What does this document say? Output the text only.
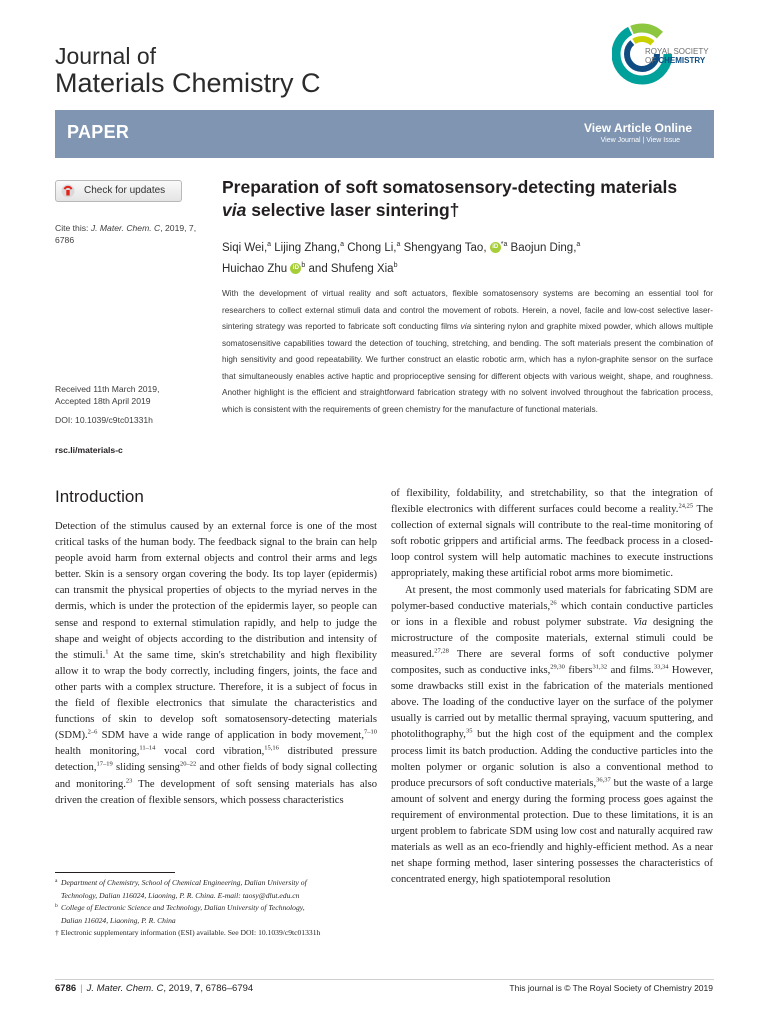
Journal of
Materials Chemistry C
ROYAL SOCIETY
OF CHEMISTRY
PAPER	View Article Online
View Journal | View Issue
Check for updates
Cite this: J. Mater. Chem. C, 2019, 7, 6786
Received 11th March 2019,
Accepted 18th April 2019
DOI: 10.1039/c9tc01331h
rsc.li/materials-c
Preparation of soft somatosensory-detecting materials via selective laser sintering†
Siqi Wei,$^a$ Lijing Zhang,$^a$ Chong Li,$^a$ Shengyang Tao, iD $^{*a}$ Baojun Ding,$^a$
Huichao Zhu iD $^b$ and Shufeng Xia$^b$
With the development of virtual reality and soft actuators, flexible somatosensory systems are becoming an essential tool for researchers to collect external stimuli data and control the movement of robots. Herein, a novel, facile and low-cost selective laser-sintering strategy was reported to fabricate soft conducting films via sintering nylon and graphite mixed powder, which allows multiple somatosensitive capabilities toward the detection of touching, stretching, and bending. The soft materials present the combination of high sensitivity and good repeatability. We further construct an elastic robotic arm, which has a nylon-graphite sensor on the surface that simultaneously enables active haptic and proprioceptive sensing for different objects with various weight, shape, and roughness. Another highlight is the efficient and straightforward fabrication strategy with no solvent involved throughout the fabrication process, which is consistent with the requirements of green chemistry for the manufacture of functional materials.
Introduction

Detection of the stimulus caused by an external force is one of the most critical tasks of the human body. The feedback signal to the brain can help people avoid harm from external objects and control their arms and legs better. Skin is a sensory organ covering the body. Its top layer (epidermis) can transmit the physical properties of objects to the myriad nerves in the dermis, which is under the protection of the epidermis layer, so people can sense and respond to external stimulation rapidly, and help to judge the shape and weight of objects according to the distribution and intensity of the stimuli.$^1$ At the same time, skin's stretchability and high flexibility allow it to wrap the body correctly, including fingers, joints, the face and other parts with a complex structure. Therefore, it is a subject of focus in the field of flexible electronics that simulate the characteristics and functions of skin to develop soft somatosensory-detecting materials (SDM).$^{2-6}$ SDM have a wide range of application in body movement,$^{7-10}$ health monitoring,$^{11-14}$ vocal cord vibration,$^{15,16}$ distributed pressure detection,$^{17-19}$ sliding sensing$^{20-22}$ and other fields of body signal collecting and monitoring.$^{23}$ The development of soft sensing materials has also driven the creation of flexible sensors, which possess characteristics

of flexibility, foldability, and stretchability, so that the integration of flexible electronics with different surfaces could become a reality.$^{24,25}$ The collection of external signals will contribute to the real-time monitoring of soft robotic grippers and artificial arms. The feedback process in a closed-loop control system will help automatic machines to execute instructions appropriately, making these artificial robot arms more biomimetic.

At present, the most commonly used materials for fabricating SDM are polymer-based conductive materials,$^{26}$ which contain conductive particles or ions in a flexible and robust polymer substrate. Via designing the microstructure of the composite materials, external stimuli could be measured.$^{27,28}$ There are several forms of soft conductive polymer composites, such as conductive inks,$^{29,30}$ fibers$^{31,32}$ and films.$^{33,34}$ However, some drawbacks still exist in the fabrication of the materials mentioned above. The loading of the conductive layer on the surface of the polymer usually is carried out by metallic thermal spraying, vacuum sputtering, and photolithography,$^{35}$ but the high cost of the equipment and the complex process limit its batch production. Adding the conductive particles into the molten polymer or organic solution is also a conventional method to produce precursors of soft conductive materials,$^{36,37}$ but the waste of a large amount of solvent and energy during the forming process goes against the requirement of environmental protection. Due to these limitations, it is an urgent problem to fabricate SDM using low cost and naturally acquired raw materials as well as an eco-friendly and highly-efficient method. As a near net shape forming method, laser sintering possesses the characteristics of concentrated energy, high spatiotemporal resolution

a Department of Chemistry, School of Chemical Engineering, Dalian University of
Technology, Dalian 116024, Liaoning, P. R. China. E-mail: taosy@dlut.edu.cn
b College of Electronic Science and Technology, Dalian University of Technology,
Dalian 116024, Liaoning, P. R. China
† Electronic supplementary information (ESI) available. See DOI: 10.1039/c9tc01331h
6786 | J. Mater. Chem. C, 2019, 7, 6786–6794	This journal is © The Royal Society of Chemistry 2019
